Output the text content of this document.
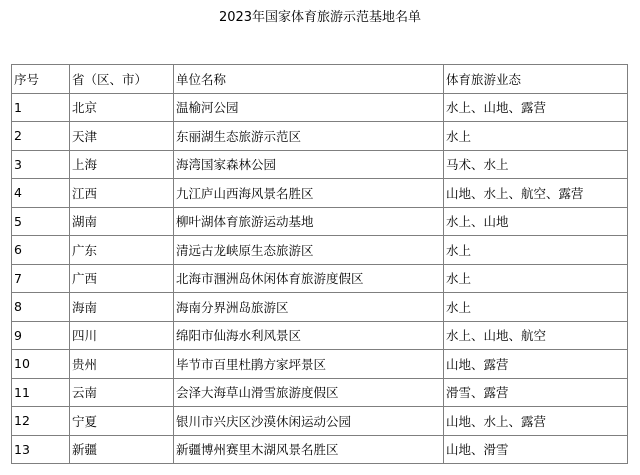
2023年国家体育旅游示范基地名单
序号	省（区、市）	单位名称	体育旅游业态
1	北京	温榆河公园	水上、山地、露营
2	天津	东丽湖生态旅游示范区	水上
3	上海	海湾国家森林公园	马术、水上
4	江西	九江庐山西海风景名胜区	山地、水上、航空、露营
5	湖南	柳叶湖体育旅游运动基地	水上、山地
6	广东	清远古龙峡原生态旅游区	水上
7	广西	北海市涠洲岛休闲体育旅游度假区	水上
8	海南	海南分界洲岛旅游区	水上
9	四川	绵阳市仙海水利风景区	水上、山地、航空
10	贵州	毕节市百里杜鹃方家坪景区	山地、露营
11	云南	会泽大海草山滑雪旅游度假区	滑雪、露营
12	宁夏	银川市兴庆区沙漠休闲运动公园	山地、水上、露营
13	新疆	新疆博州赛里木湖风景名胜区	山地、滑雪
